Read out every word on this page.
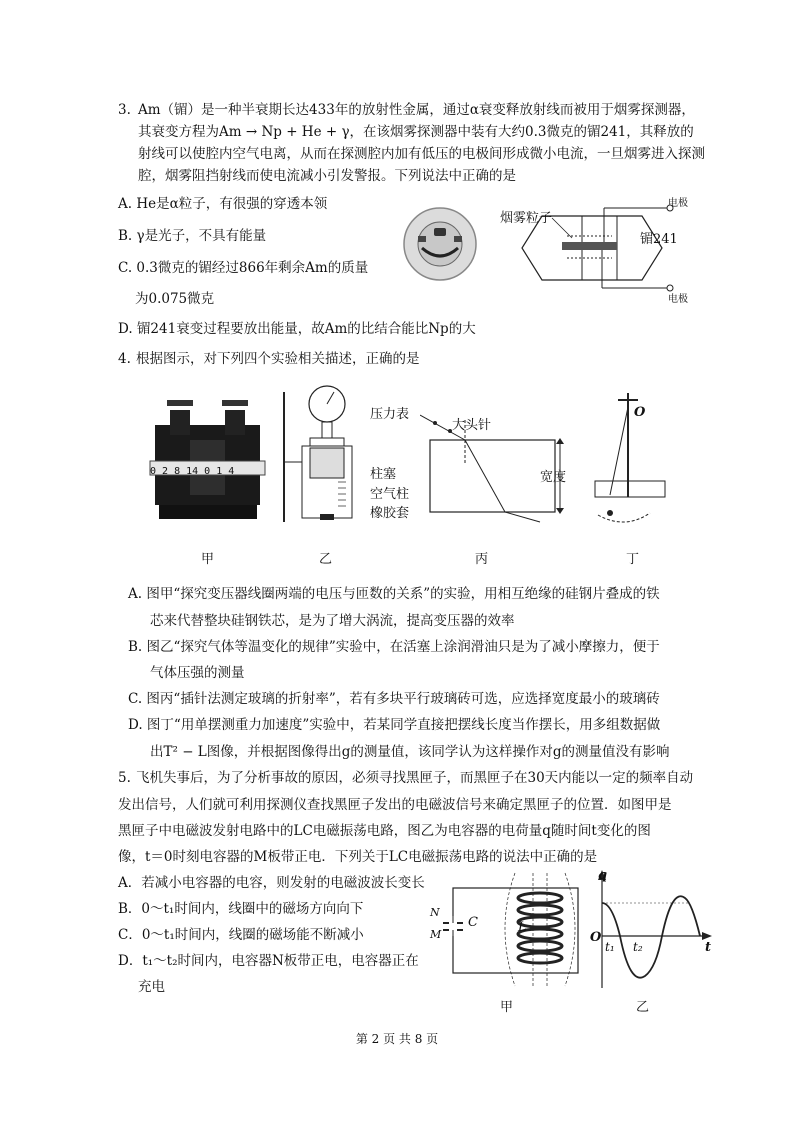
3. Am（镅）是一种半衰期长达433年的放射性金属，通过α衰变释放射线而被用于烟雾探测器，
其衰变方程为Am → Np + He + γ，在该烟雾探测器中装有大约0.3微克的镅241，其释放的
射线可以使腔内空气电离，从而在探测腔内加有低压的电极间形成微小电流，一旦烟雾进入探测
腔，烟雾阻挡射线而使电流减小引发警报。下列说法中正确的是
A. He是α粒子，有很强的穿透本领
B. γ是光子，不具有能量
C. 0.3微克的镅经过866年剩余Am的质量
为0.075微克
D. 镅241衰变过程要放出能量，故Am的比结合能比Np的大
烟雾粒子
镅241
电极
电极
4. 根据图示，对下列四个实验相关描述，正确的是
0 2 8 14 0 1 4
压力表
柱塞
空气柱
橡胶套
大头针
宽度
O
甲	乙	丙	丁
A. 图甲“探究变压器线圈两端的电压与匝数的关系”的实验，用相互绝缘的硅钢片叠成的铁
芯来代替整块硅钢铁芯，是为了增大涡流，提高变压器的效率
B. 图乙“探究气体等温变化的规律”实验中，在活塞上涂润滑油只是为了减小摩擦力，便于
气体压强的测量
C. 图丙“插针法测定玻璃的折射率”，若有多块平行玻璃砖可选，应选择宽度最小的玻璃砖
D. 图丁“用单摆测重力加速度”实验中，若某同学直接把摆线长度当作摆长，用多组数据做
出T² − L图像，并根据图像得出g的测量值，该同学认为这样操作对g的测量值没有影响
5. 飞机失事后，为了分析事故的原因，必须寻找黑匣子，而黑匣子在30天内能以一定的频率自动
发出信号，人们就可利用探测仪查找黑匣子发出的电磁波信号来确定黑匣子的位置．如图甲是
黑匣子中电磁波发射电路中的LC电磁振荡电路，图乙为电容器的电荷量q随时间t变化的图
像，t＝0时刻电容器的M板带正电．下列关于LC电磁振荡电路的说法中正确的是
A．若减小电容器的电容，则发射的电磁波波长变长
B．0～t₁时间内，线圈中的磁场方向向下
C．0～t₁时间内，线圈的磁场能不断减小
D．t₁～t₂时间内，电容器N板带正电，电容器正在
充电
N
M
C	L
甲
q
t
O
t₁ t₂
乙
第 2 页 共 8 页
